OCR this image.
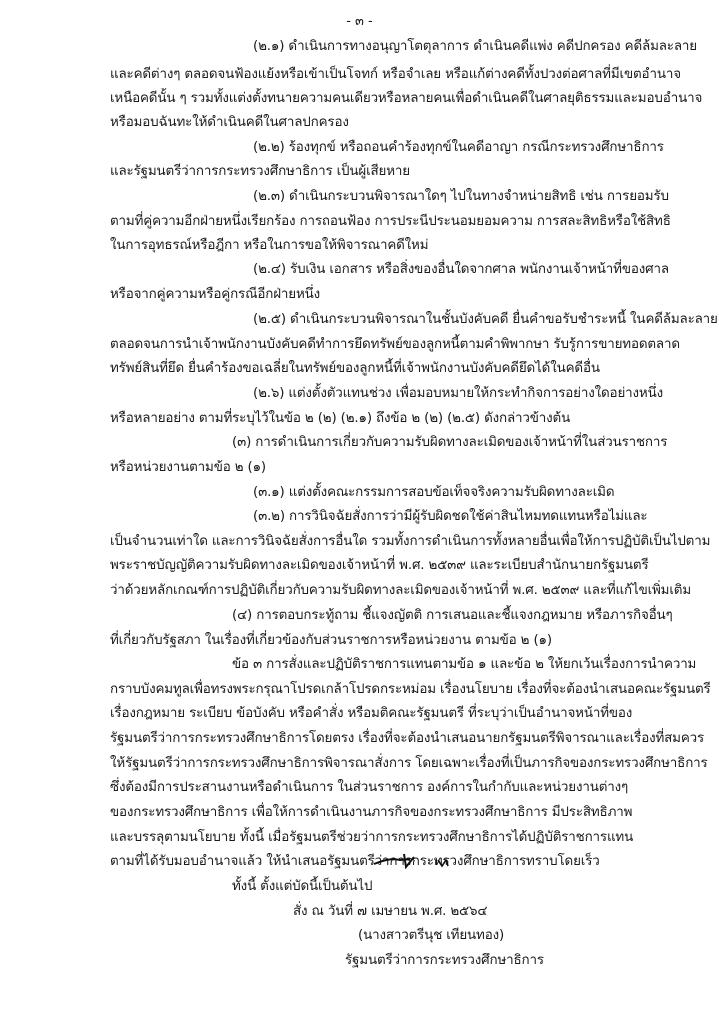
- ๓ -
(๒.๑) ดำเนินการทางอนุญาโตตุลาการ ดำเนินคดีแพ่ง คดีปกครอง คดีล้มละลาย
และคดีต่างๆ ตลอดจนฟ้องแย้งหรือเข้าเป็นโจทก์ หรือจำเลย หรือแก้ต่างคดีทั้งปวงต่อศาลที่มีเขตอำนาจ
เหนือคดีนั้น ๆ รวมทั้งแต่งตั้งทนายความคนเดียวหรือหลายคนเพื่อดำเนินคดีในศาลยุติธรรมและมอบอำนาจ
หรือมอบฉันทะให้ดำเนินคดีในศาลปกครอง
(๒.๒) ร้องทุกข์ หรือถอนคำร้องทุกข์ในคดีอาญา กรณีกระทรวงศึกษาธิการ
และรัฐมนตรีว่าการกระทรวงศึกษาธิการ เป็นผู้เสียหาย
(๒.๓) ดำเนินกระบวนพิจารณาใดๆ ไปในทางจำหน่ายสิทธิ เช่น การยอมรับ
ตามที่คู่ความอีกฝ่ายหนึ่งเรียกร้อง การถอนฟ้อง การประนีประนอมยอมความ การสละสิทธิหรือใช้สิทธิ
ในการอุทธรณ์หรือฎีกา หรือในการขอให้พิจารณาคดีใหม่
(๒.๔) รับเงิน เอกสาร หรือสิ่งของอื่นใดจากศาล พนักงานเจ้าหน้าที่ของศาล
หรือจากคู่ความหรือคู่กรณีอีกฝ่ายหนึ่ง
(๒.๕) ดำเนินกระบวนพิจารณาในชั้นบังคับคดี ยื่นคำขอรับชำระหนี้ ในคดีล้มละลาย
ตลอดจนการนำเจ้าพนักงานบังคับคดีทำการยึดทรัพย์ของลูกหนี้ตามคำพิพากษา รับรู้การขายทอดตลาด
ทรัพย์สินที่ยึด ยื่นคำร้องขอเฉลี่ยในทรัพย์ของลูกหนี้ที่เจ้าพนักงานบังคับคดียึดได้ในคดีอื่น
(๒.๖) แต่งตั้งตัวแทนช่วง เพื่อมอบหมายให้กระทำกิจการอย่างใดอย่างหนึ่ง
หรือหลายอย่าง ตามที่ระบุไว้ในข้อ ๒ (๒) (๒.๑) ถึงข้อ ๒ (๒) (๒.๕) ดังกล่าวข้างต้น
(๓) การดำเนินการเกี่ยวกับความรับผิดทางละเมิดของเจ้าหน้าที่ในส่วนราชการ
หรือหน่วยงานตามข้อ ๒ (๑)
(๓.๑) แต่งตั้งคณะกรรมการสอบข้อเท็จจริงความรับผิดทางละเมิด
(๓.๒) การวินิจฉัยสั่งการว่ามีผู้รับผิดชดใช้ค่าสินไหมทดแทนหรือไม่และ
เป็นจำนวนเท่าใด และการวินิจฉัยสั่งการอื่นใด รวมทั้งการดำเนินการทั้งหลายอื่นเพื่อให้การปฏิบัติเป็นไปตาม
พระราชบัญญัติความรับผิดทางละเมิดของเจ้าหน้าที่ พ.ศ. ๒๕๓๙ และระเบียบสำนักนายกรัฐมนตรี
ว่าด้วยหลักเกณฑ์การปฏิบัติเกี่ยวกับความรับผิดทางละเมิดของเจ้าหน้าที่ พ.ศ. ๒๕๓๙ และที่แก้ไขเพิ่มเติม
(๔) การตอบกระทู้ถาม ชี้แจงญัตติ การเสนอและชี้แจงกฎหมาย หรือภารกิจอื่นๆ
ที่เกี่ยวกับรัฐสภา ในเรื่องที่เกี่ยวข้องกับส่วนราชการหรือหน่วยงาน ตามข้อ ๒ (๑)
ข้อ ๓ การสั่งและปฏิบัติราชการแทนตามข้อ ๑ และข้อ ๒ ให้ยกเว้นเรื่องการนำความ
กราบบังคมทูลเพื่อทรงพระกรุณาโปรดเกล้าโปรดกระหม่อม เรื่องนโยบาย เรื่องที่จะต้องนำเสนอคณะรัฐมนตรี
เรื่องกฎหมาย ระเบียบ ข้อบังคับ หรือคำสั่ง หรือมติคณะรัฐมนตรี ที่ระบุว่าเป็นอำนาจหน้าที่ของ
รัฐมนตรีว่าการกระทรวงศึกษาธิการโดยตรง เรื่องที่จะต้องนำเสนอนายกรัฐมนตรีพิจารณาและเรื่องที่สมควร
ให้รัฐมนตรีว่าการกระทรวงศึกษาธิการพิจารณาสั่งการ โดยเฉพาะเรื่องที่เป็นภารกิจของกระทรวงศึกษาธิการ
ซึ่งต้องมีการประสานงานหรือดำเนินการ ในส่วนราชการ องค์การในกำกับและหน่วยงานต่างๆ
ของกระทรวงศึกษาธิการ เพื่อให้การดำเนินงานภารกิจของกระทรวงศึกษาธิการ มีประสิทธิภาพ
และบรรลุตามนโยบาย ทั้งนี้ เมื่อรัฐมนตรีช่วยว่าการกระทรวงศึกษาธิการได้ปฏิบัติราชการแทน
ตามที่ได้รับมอบอำนาจแล้ว ให้นำเสนอรัฐมนตรีว่าการกระทรวงศึกษาธิการทราบโดยเร็ว
ทั้งนี้ ตั้งแต่บัดนี้เป็นต้นไป
สั่ง ณ วันที่ ๗ เมษายน พ.ศ. ๒๕๖๔
(นางสาวตรีนุช เทียนทอง)
รัฐมนตรีว่าการกระทรวงศึกษาธิการ
